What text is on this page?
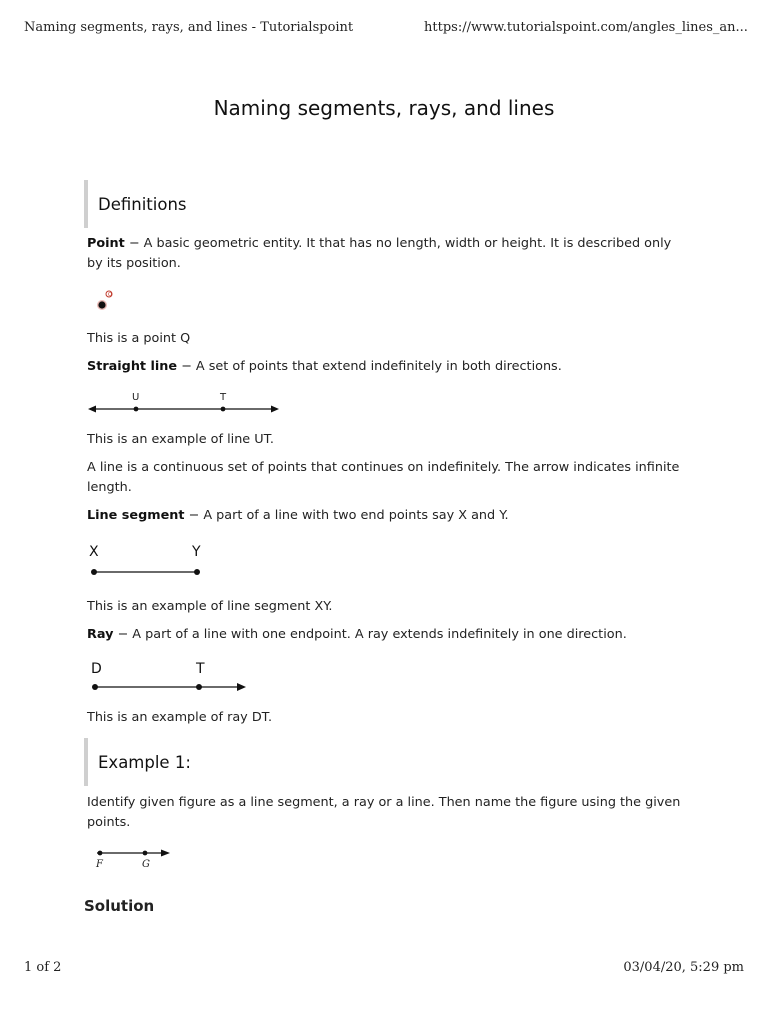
Naming segments, rays, and lines - Tutorialspoint	https://www.tutorialspoint.com/angles_lines_an...
Naming segments, rays, and lines
Definitions
Point − A basic geometric entity. It that has no length, width or height. It is described only by its position.
Q
This is a point Q
Straight line − A set of points that extend indefinitely in both directions.
U	T
This is an example of line UT.
A line is a continuous set of points that continues on indefinitely. The arrow indicates infinite length.
Line segment − A part of a line with two end points say X and Y.
X	Y
This is an example of line segment XY.
Ray − A part of a line with one endpoint. A ray extends indefinitely in one direction.
D	T
This is an example of ray DT.
Example 1:
Identify given figure as a line segment, a ray or a line. Then name the figure using the given points.
F	G
Solution
1 of 2	03/04/20, 5:29 pm
